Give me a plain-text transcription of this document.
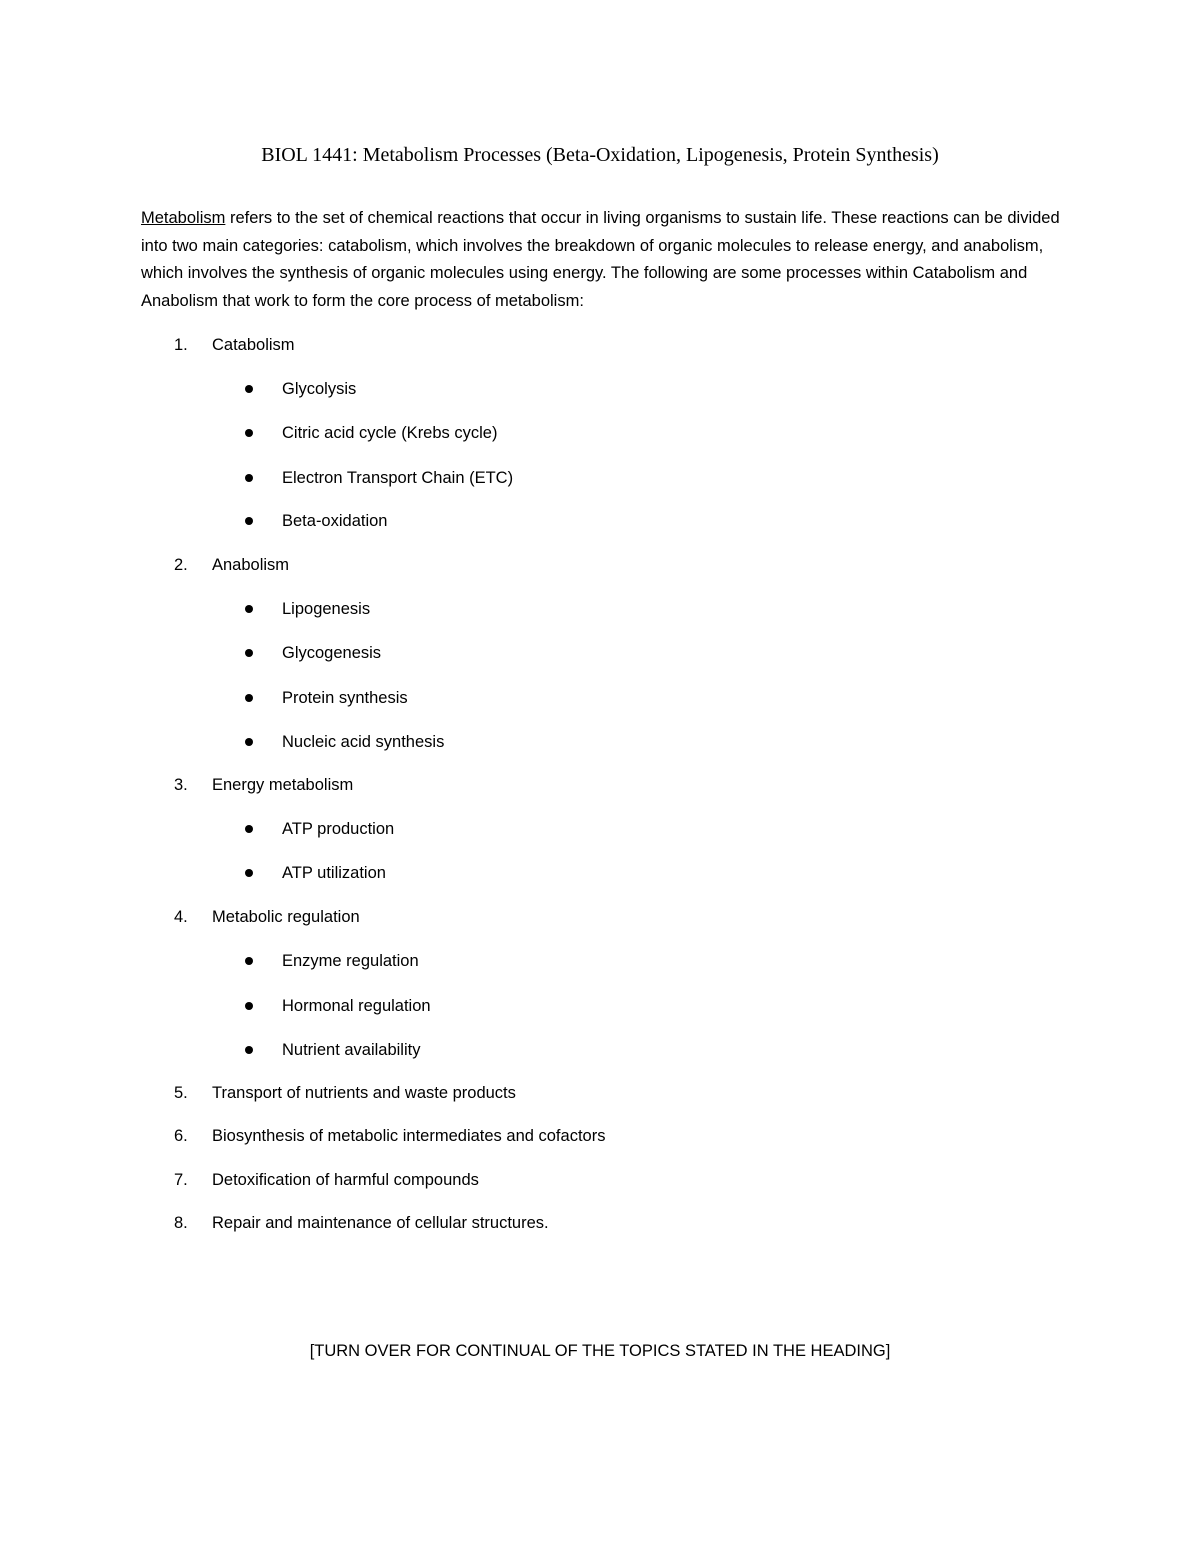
BIOL 1441: Metabolism Processes (Beta-Oxidation, Lipogenesis, Protein Synthesis)

Metabolism refers to the set of chemical reactions that occur in living organisms to sustain life. These reactions can be divided into two main categories: catabolism, which involves the breakdown of organic molecules to release energy, and anabolism, which involves the synthesis of organic molecules using energy. The following are some processes within Catabolism and Anabolism that work to form the core process of metabolism:

1. Catabolism
Glycolysis
Citric acid cycle (Krebs cycle)
Electron Transport Chain (ETC)
Beta-oxidation
2. Anabolism
Lipogenesis
Glycogenesis
Protein synthesis
Nucleic acid synthesis
3. Energy metabolism
ATP production
ATP utilization
4. Metabolic regulation
Enzyme regulation
Hormonal regulation
Nutrient availability
5. Transport of nutrients and waste products
6. Biosynthesis of metabolic intermediates and cofactors
7. Detoxification of harmful compounds
8. Repair and maintenance of cellular structures.
[TURN OVER FOR CONTINUAL OF THE TOPICS STATED IN THE HEADING]
